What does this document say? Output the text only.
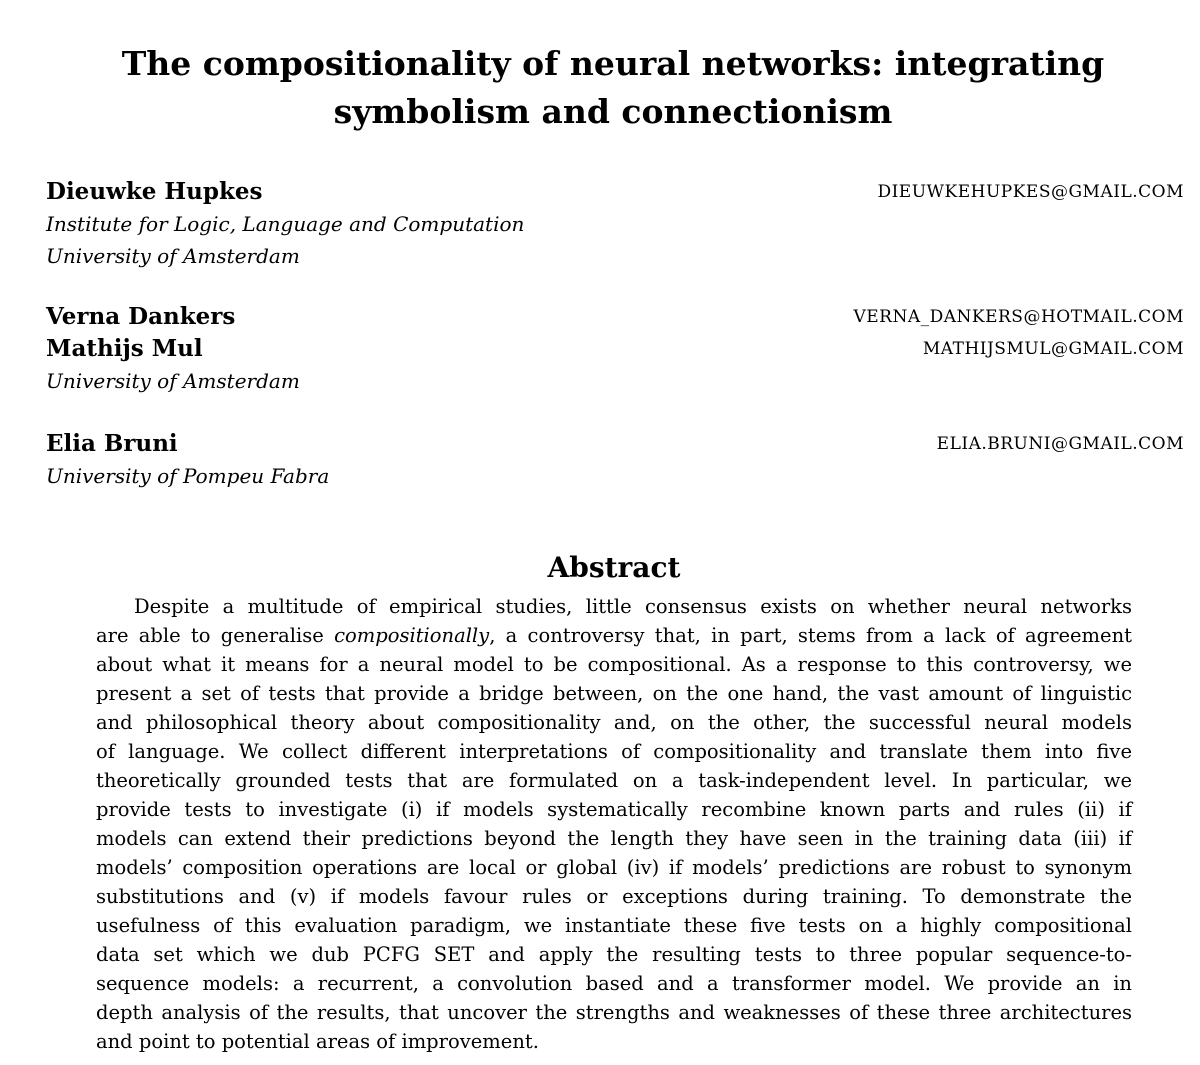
The compositionality of neural networks: integrating
symbolism and connectionism
Dieuwke Hupkes	DIEUWKEHUPKES@GMAIL.COM
Institute for Logic, Language and Computation
University of Amsterdam
Verna Dankers	VERNA_DANKERS@HOTMAIL.COM
Mathijs Mul	MATHIJSMUL@GMAIL.COM
University of Amsterdam
Elia Bruni	ELIA.BRUNI@GMAIL.COM
University of Pompeu Fabra
Abstract
Despite a multitude of empirical studies, little consensus exists on whether neural networks
are able to generalise compositionally, a controversy that, in part, stems from a lack of agreement
about what it means for a neural model to be compositional. As a response to this controversy, we
present a set of tests that provide a bridge between, on the one hand, the vast amount of linguistic
and philosophical theory about compositionality and, on the other, the successful neural models
of language. We collect different interpretations of compositionality and translate them into five
theoretically grounded tests that are formulated on a task-independent level. In particular, we
provide tests to investigate (i) if models systematically recombine known parts and rules (ii) if
models can extend their predictions beyond the length they have seen in the training data (iii) if
models’ composition operations are local or global (iv) if models’ predictions are robust to synonym
substitutions and (v) if models favour rules or exceptions during training. To demonstrate the
usefulness of this evaluation paradigm, we instantiate these five tests on a highly compositional
data set which we dub PCFG SET and apply the resulting tests to three popular sequence-to-
sequence models: a recurrent, a convolution based and a transformer model. We provide an in
depth analysis of the results, that uncover the strengths and weaknesses of these three architectures
and point to potential areas of improvement.
